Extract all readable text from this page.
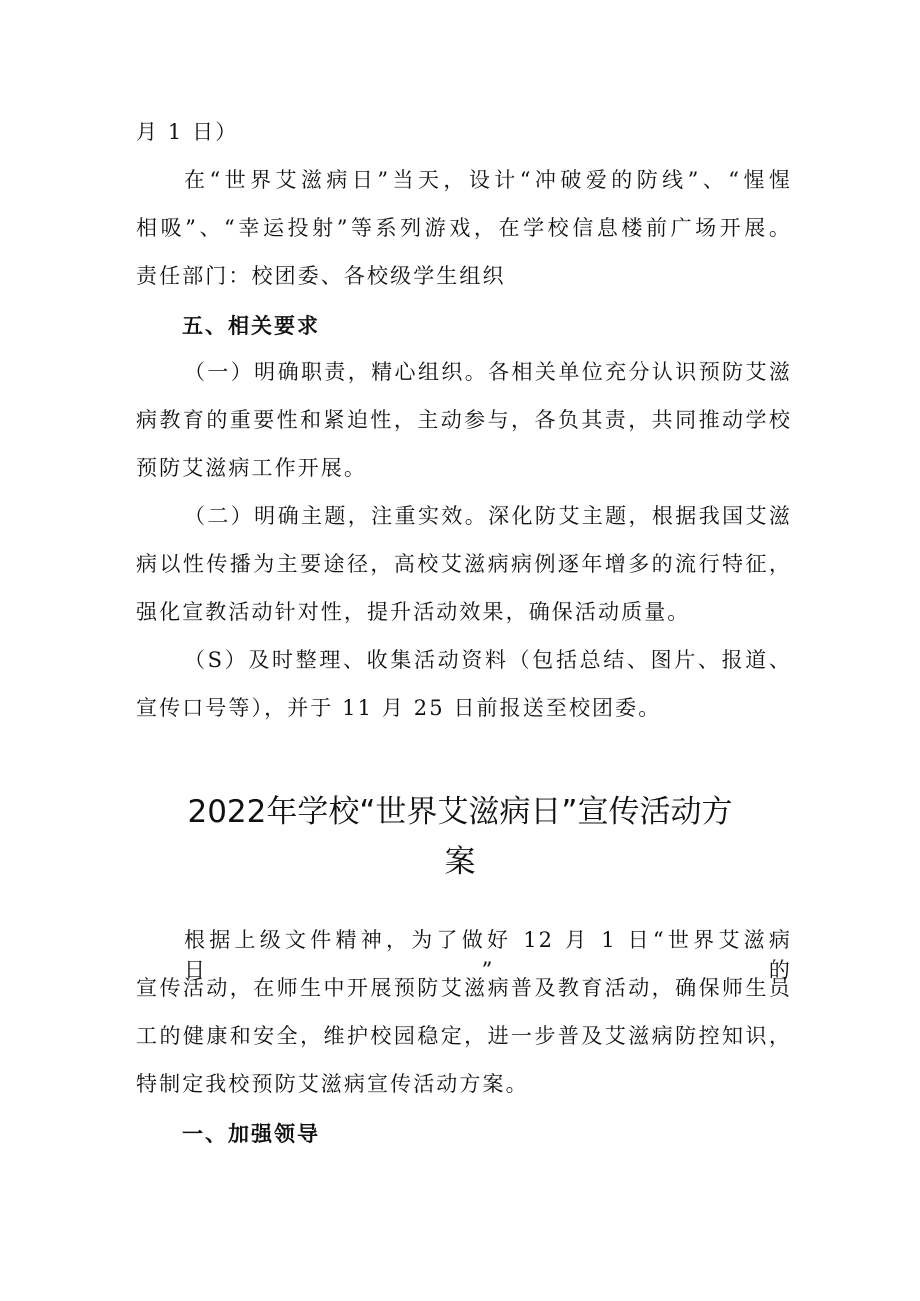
月 1 日）
在“世界艾滋病日”当天，设计“冲破爱的防线”、“惺惺
相吸”、“幸运投射”等系列游戏，在学校信息楼前广场开展。
责任部门：校团委、各校级学生组织
五、相关要求
（一）明确职责，精心组织。各相关单位充分认识预防艾滋
病教育的重要性和紧迫性，主动参与，各负其责，共同推动学校
预防艾滋病工作开展。
（二）明确主题，注重实效。深化防艾主题，根据我国艾滋
病以性传播为主要途径，高校艾滋病病例逐年增多的流行特征，
强化宣教活动针对性，提升活动效果，确保活动质量。
（S）及时整理、收集活动资料（包括总结、图片、报道、
宣传口号等），并于 11 月 25 日前报送至校团委。
2022年学校“世界艾滋病日”宣传活动方
案
根据上级文件精神，为了做好 12 月 1 日“世界艾滋病日”的
宣传活动，在师生中开展预防艾滋病普及教育活动，确保师生员
工的健康和安全，维护校园稳定，进一步普及艾滋病防控知识，
特制定我校预防艾滋病宣传活动方案。
一、加强领导
